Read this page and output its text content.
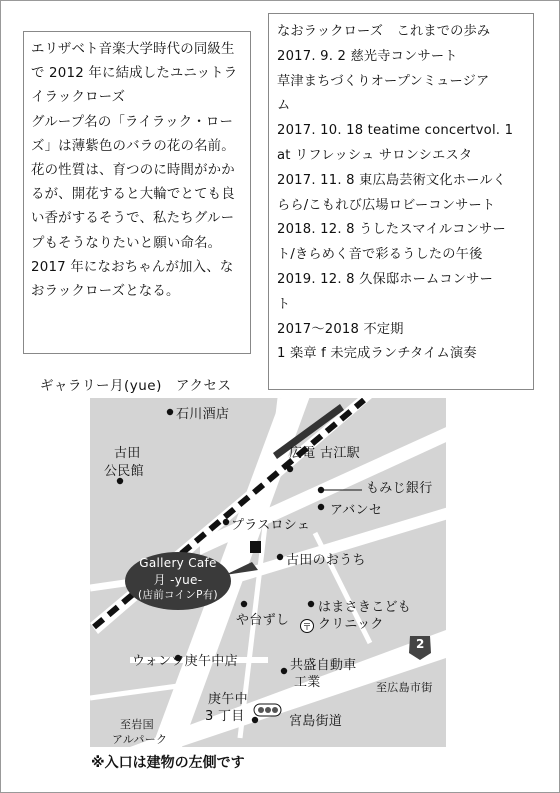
エリザベト音楽大学時代の同級生で 2012 年に結成したユニットライラックローズ

グループ名の「ライラック・ローズ」は薄紫色のバラの花の名前。

花の性質は、育つのに時間がかかるが、開花すると大輪でとても良い香がするそうで、私たちグループもそうなりたいと願い命名。

2017 年になおちゃんが加入、なおラックローズとなる。

なおラックローズ　これまでの歩み

2017. 9. 2 慈光寺コンサート

草津まちづくりオープンミュージア

ム

2017. 10. 18 teatime concertvol. 1

at リフレッシュ サロンシエスタ

2017. 11. 8 東広島芸術文化ホールく

らら/こもれび広場ロビーコンサート

2018. 12. 8 うしたスマイルコンサー

ト/きらめく音で彩るうしたの午後

2019. 12. 8 久保邸ホームコンサー

ト

2017～2018 不定期

1 楽章 f 未完成ランチタイム演奏

ギャラリー月(yue)　アクセス
〒
石川酒店
古田
公民館
広電 古江駅
もみじ銀行
アバンセ
プラスロシェ
古田のおうち
や台ずし
はまさきこども
クリニック
ウォンツ庚午中店	共盛自動車
工業	至広島市街
庚午中
3 丁目	宮島街道
至岩国
アルパーク
2
Gallery Cafe
月 -yue-
(店前コインP有)
※入口は建物の左側です
